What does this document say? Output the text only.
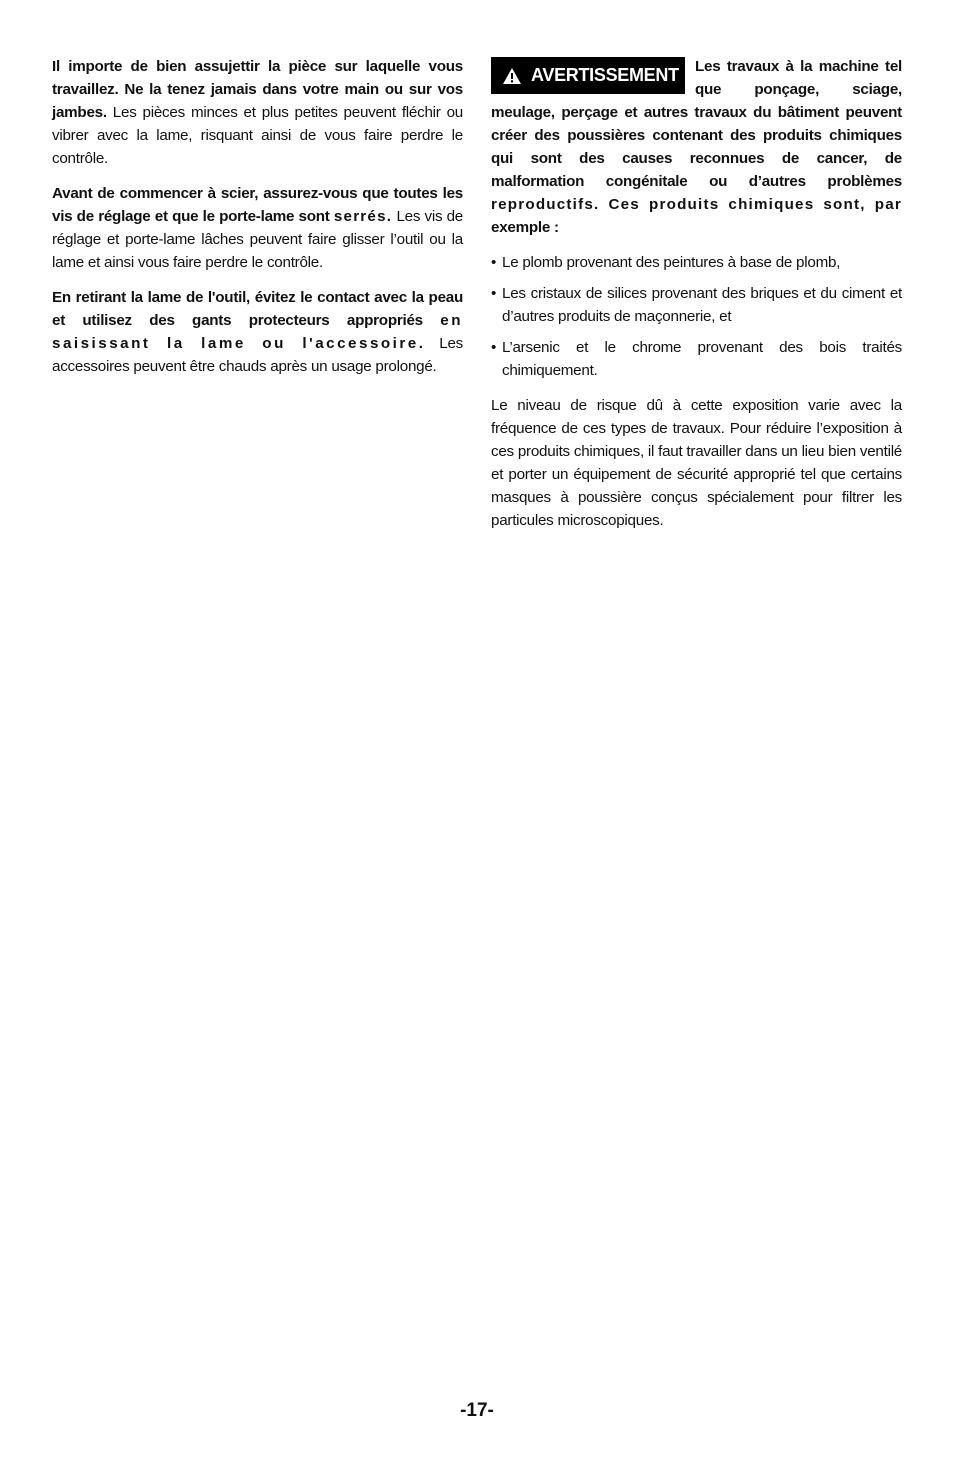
Il importe de bien assujettir la pièce sur laquelle vous travaillez. Ne la tenez jamais dans votre main ou sur vos jambes. Les pièces minces et plus petites peuvent fléchir ou vibrer avec la lame, risquant ainsi de vous faire perdre le contrôle.

Avant de commencer à scier, assurez-vous que toutes les vis de réglage et que le porte-lame sont serrés. Les vis de réglage et porte-lame lâches peuvent faire glisser l’outil ou la lame et ainsi vous faire perdre le contrôle.

En retirant la lame de l'outil, évitez le contact avec la peau et utilisez des gants protecteurs appropriés en saisissant la lame ou l'accessoire. Les accessoires peuvent être chauds après un usage prolongé.

AVERTISSEMENT	Les travaux à la machine tel que ponçage, sciage, meulage, perçage et autres travaux du bâtiment peuvent créer des poussières contenant des produits chimiques qui sont des causes reconnues de cancer, de malformation congénitale ou d’autres problèmes reproductifs. Ces produits chimiques sont, par exemple :

• Le plomb provenant des peintures à base de plomb,
• Les cristaux de silices provenant des briques et du ciment et d’autres produits de maçonnerie, et
• L’arsenic et le chrome provenant des bois traités chimiquement.

Le niveau de risque dû à cette exposition varie avec la fréquence de ces types de travaux. Pour réduire l’exposition à ces produits chimiques, il faut travailler dans un lieu bien ventilé et porter un équipement de sécurité approprié tel que certains masques à poussière conçus spécialement pour filtrer les particules microscopiques.

-17-
